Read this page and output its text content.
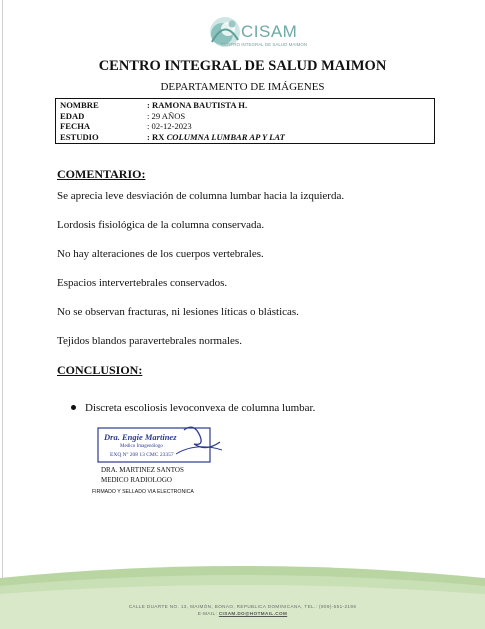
CISAM
CENTRO INTEGRAL DE SALUD MAIMON
CENTRO INTEGRAL DE SALUD MAIMON
DEPARTAMENTO DE IMÁGENES
NOMBRE	: RAMONA BAUTISTA H.
EDAD	: 29 AÑOS
FECHA	: 02-12-2023
ESTUDIO	: RX COLUMNA LUMBAR AP Y LAT
COMENTARIO:
Se aprecia leve desviación de columna lumbar hacia la izquierda.
Lordosis fisiológica de la columna conservada.
No hay alteraciones de los cuerpos vertebrales.
Espacios intervertebrales conservados.
No se observan fracturas, ni lesiones líticas o blásticas.
Tejidos blandos paravertebrales normales.
CONCLUSION:
Discreta escoliosis levoconvexa de columna lumbar.
Dra. Engie Martinez
Medico Imagenólogo
EXQ Nº 208 13 CMC 23357
DRA. MARTINEZ SANTOS
MEDICO RADIOLOGO
FIRMADO Y SELLADO VIA ELECTRONICA
CALLE DUARTE NO. 13, MAIMÓN, BONAO, REPUBLICA DOMINICANA, TEL.: (809)-551-2196
E-MAIL: CISAM.DO@HOTMAIL.COM
